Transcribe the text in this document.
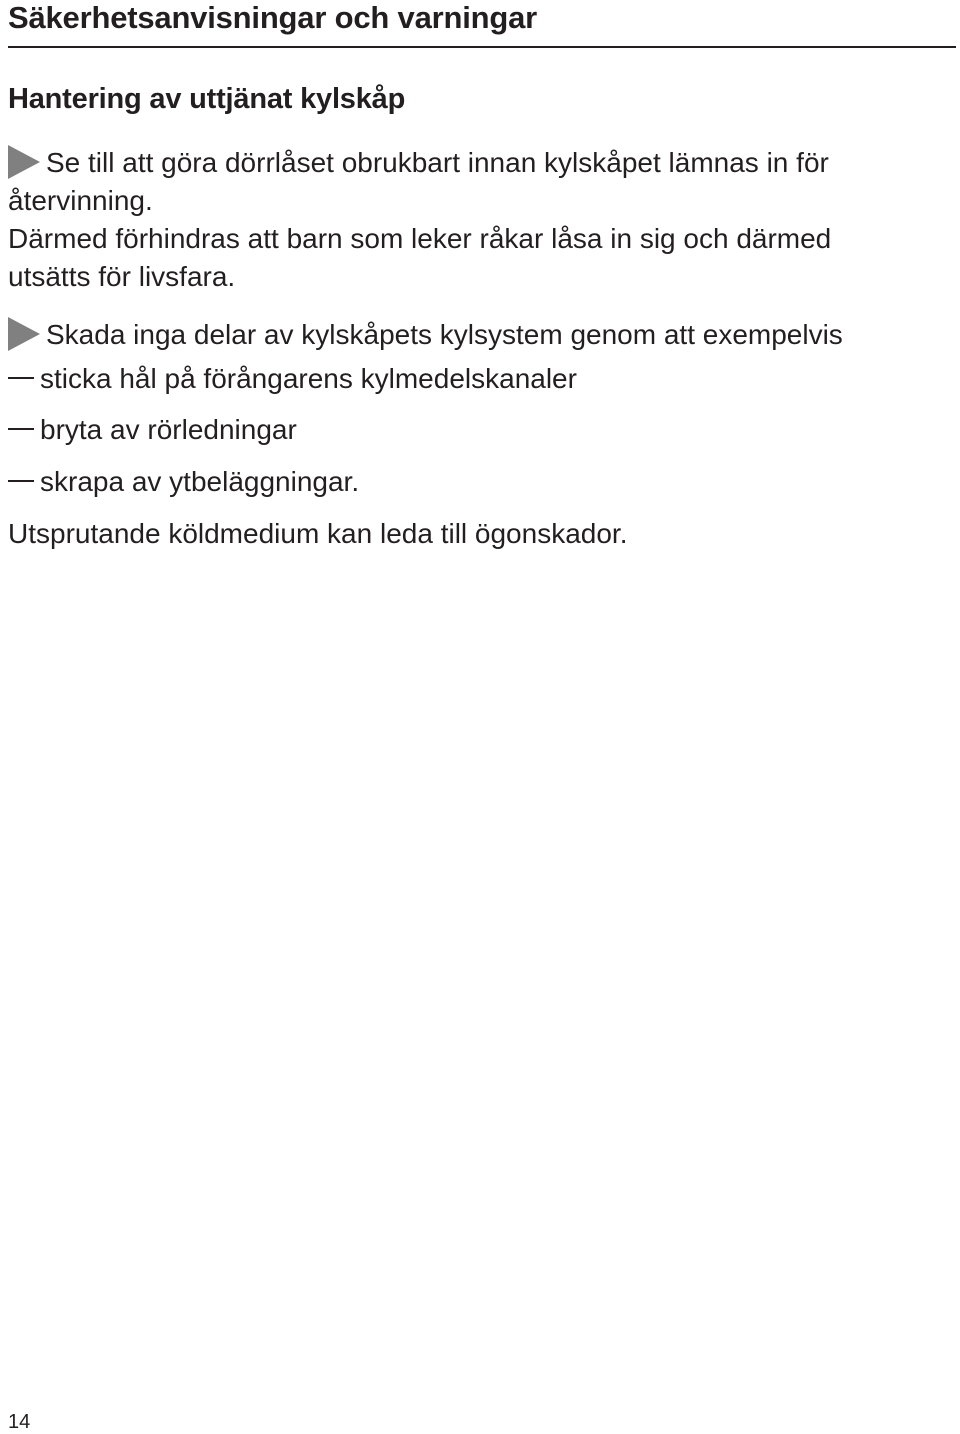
Säkerhetsanvisningar och varningar
Hantering av uttjänat kylskåp

Se till att göra dörrlåset obrukbart innan kylskåpet lämnas in för

återvinning.

Därmed förhindras att barn som leker råkar låsa in sig och därmed

utsätts för livsfara.

Skada inga delar av kylskåpets kylsystem genom att exempelvis

sticka hål på förångarens kylmedelskanaler

bryta av rörledningar

skrapa av ytbeläggningar.

Utsprutande köldmedium kan leda till ögonskador.

14
